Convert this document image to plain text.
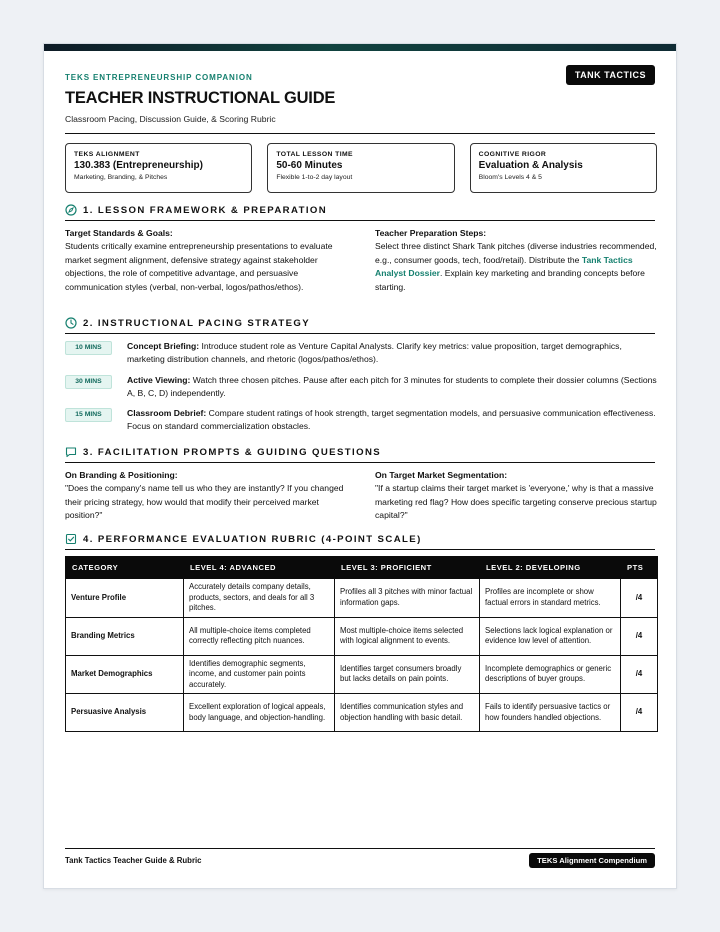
TEKS ENTREPRENEURSHIP COMPANION	TANK TACTICS
TEACHER INSTRUCTIONAL GUIDE
Classroom Pacing, Discussion Guide, & Scoring Rubric
TEKS ALIGNMENT
130.383 (Entrepreneurship)
Marketing, Branding, & Pitches
TOTAL LESSON TIME
50-60 Minutes
Flexible 1-to-2 day layout
COGNITIVE RIGOR
Evaluation & Analysis
Bloom's Levels 4 & 5
1. LESSON FRAMEWORK & PREPARATION
Target Standards & Goals:
Students critically examine entrepreneurship presentations to evaluate market segment alignment, defensive strategy against stakeholder objections, the role of competitive advantage, and persuasive communication styles (verbal, non-verbal, logos/pathos/ethos).
Teacher Preparation Steps:
Select three distinct Shark Tank pitches (diverse industries recommended, e.g., consumer goods, tech, food/retail). Distribute the Tank Tactics Analyst Dossier. Explain key marketing and branding concepts before starting.
2. INSTRUCTIONAL PACING STRATEGY
10 MINS	Concept Briefing: Introduce student role as Venture Capital Analysts. Clarify key metrics: value proposition, target demographics, marketing distribution channels, and rhetoric (logos/pathos/ethos).
30 MINS	Active Viewing: Watch three chosen pitches. Pause after each pitch for 3 minutes for students to complete their dossier columns (Sections A, B, C, D) independently.
15 MINS	Classroom Debrief: Compare student ratings of hook strength, target segmentation models, and persuasive communication effectiveness. Focus on standard commercialization obstacles.
3. FACILITATION PROMPTS & GUIDING QUESTIONS
On Branding & Positioning:
"Does the company's name tell us who they are instantly? If you changed their pricing strategy, how would that modify their perceived market position?"
On Target Market Segmentation:
"If a startup claims their target market is 'everyone,' why is that a massive marketing red flag? How does specific targeting conserve precious startup capital?"
4. PERFORMANCE EVALUATION RUBRIC (4-POINT SCALE)
CATEGORY	LEVEL 4: ADVANCED	LEVEL 3: PROFICIENT	LEVEL 2: DEVELOPING	PTS
Venture Profile	Accurately details company details, products, sectors, and deals for all 3 pitches.	Profiles all 3 pitches with minor factual information gaps.	Profiles are incomplete or show factual errors in standard metrics.	/4
Branding Metrics	All multiple-choice items completed correctly reflecting pitch nuances.	Most multiple-choice items selected with logical alignment to events.	Selections lack logical explanation or evidence low level of attention.	/4
Market Demographics	Identifies demographic segments, income, and customer pain points accurately.	Identifies target consumers broadly but lacks details on pain points.	Incomplete demographics or generic descriptions of buyer groups.	/4
Persuasive Analysis	Excellent exploration of logical appeals, body language, and objection-handling.	Identifies communication styles and objection handling with basic detail.	Fails to identify persuasive tactics or how founders handled objections.	/4
Tank Tactics Teacher Guide & Rubric	TEKS Alignment Compendium
